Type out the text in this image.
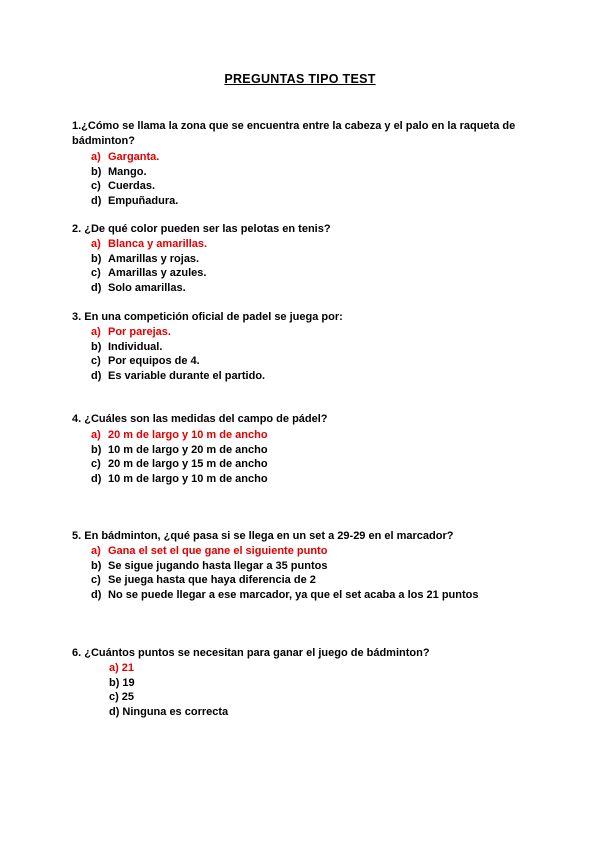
PREGUNTAS TIPO TEST
1.¿Cómo se llama la zona que se encuentra entre la cabeza y el palo en la raqueta de bádminton?
a) Garganta.
b) Mango.
c) Cuerdas.
d) Empuñadura.
2. ¿De qué color pueden ser las pelotas en tenis?
a) Blanca y amarillas.
b) Amarillas y rojas.
c) Amarillas y azules.
d) Solo amarillas.
3. En una competición oficial de padel se juega por:
a) Por parejas.
b) Individual.
c) Por equipos de 4.
d) Es variable durante el partido.
4. ¿Cuáles son las medidas del campo de pádel?
a) 20 m de largo y 10 m de ancho
b) 10 m de largo y 20 m de ancho
c) 20 m de largo y 15 m de ancho
d) 10 m de largo y 10 m de ancho
5. En bádminton, ¿qué pasa si se llega en un set a 29-29 en el marcador?
a) Gana el set el que gane el siguiente punto
b) Se sigue jugando hasta llegar a 35 puntos
c) Se juega hasta que haya diferencia de 2
d) No se puede llegar a ese marcador, ya que el set acaba a los 21 puntos
6. ¿Cuántos puntos se necesitan para ganar el juego de bádminton?
a) 21
b) 19
c) 25
d) Ninguna es correcta
